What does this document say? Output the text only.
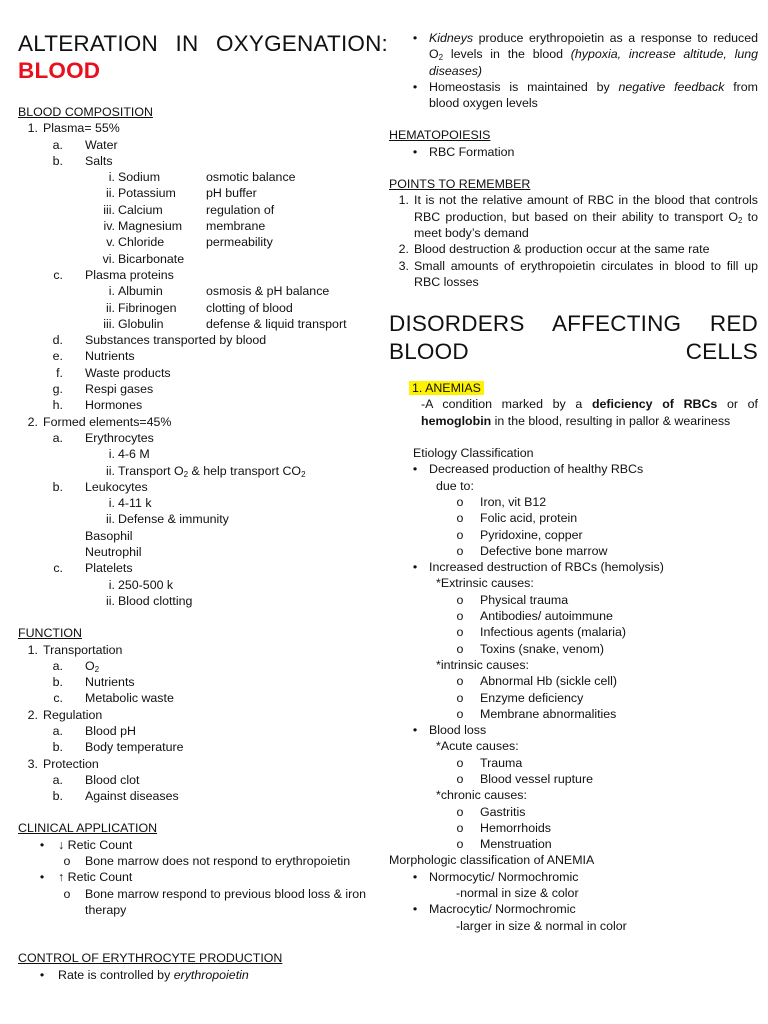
ALTERATION IN OXYGENATION:
BLOOD
BLOOD COMPOSITION
1. Plasma= 55%
a. Water
b. Salts
i. Sodium	osmotic balance
ii. Potassium pH buffer
iii. Calcium	regulation of
iv. Magnesium membrane
v. Chloride	permeability
vi. Bicarbonate
c. Plasma proteins
i. Albumin	osmosis & pH balance
ii. Fibrinogen clotting of blood
iii. Globulin	defense & liquid transport
d. Substances transported by blood
e. Nutrients
f. Waste products
g. Respi gases
h. Hormones
2. Formed elements=45%
a. Erythrocytes
i. 4-6 M
ii. Transport $O_2$ & help transport $CO_2$
b. Leukocytes
i. 4-11 k
ii. Defense & immunity
Basophil
Neutrophil
c. Platelets
i. 250-500 k
ii. Blood clotting
FUNCTION
1. Transportation
a. $O_2$
b. Nutrients
c. Metabolic waste
2. Regulation
a. Blood pH
b. Body temperature
3. Protection
a. Blood clot
b. Against diseases
CLINICAL APPLICATION
•	↓ Retic Count
o Bone marrow does not respond to erythropoietin
•	↑ Retic Count
o Bone marrow respond to previous blood loss & iron therapy
CONTROL OF ERYTHROCYTE PRODUCTION
•	Rate is controlled by erythropoietin
• Kidneys produce erythropoietin as a response to reduced $O_2$ levels in the blood (hypoxia, increase altitude, lung diseases)
• Homeostasis is maintained by negative feedback from blood oxygen levels
HEMATOPOIESIS
• RBC Formation
POINTS TO REMEMBER
1. It is not the relative amount of RBC in the blood that controls RBC production, but based on their ability to transport $O_2$ to meet body’s demand
2. Blood destruction & production occur at the same rate
3. Small amounts of erythropoietin circulates in blood to fill up RBC losses
DISORDERS AFFECTING RED BLOOD CELLS
1. ANEMIAS
-A condition marked by a deficiency of RBCs or of hemoglobin in the blood, resulting in pallor & weariness
Etiology Classification
• Decreased production of healthy RBCs
due to:
o Iron, vit B12
o Folic acid, protein
o Pyridoxine, copper
o Defective bone marrow
• Increased destruction of RBCs (hemolysis)
*Extrinsic causes:
o Physical trauma
o Antibodies/ autoimmune
o Infectious agents (malaria)
o Toxins (snake, venom)
*intrinsic causes:
o Abnormal Hb (sickle cell)
o Enzyme deficiency
o Membrane abnormalities
• Blood loss
*Acute causes:
o Trauma
o Blood vessel rupture
*chronic causes:
o Gastritis
o Hemorrhoids
o Menstruation
Morphologic classification of ANEMIA
• Normocytic/ Normochromic
-normal in size & color
• Macrocytic/ Normochromic
-larger in size & normal in color
